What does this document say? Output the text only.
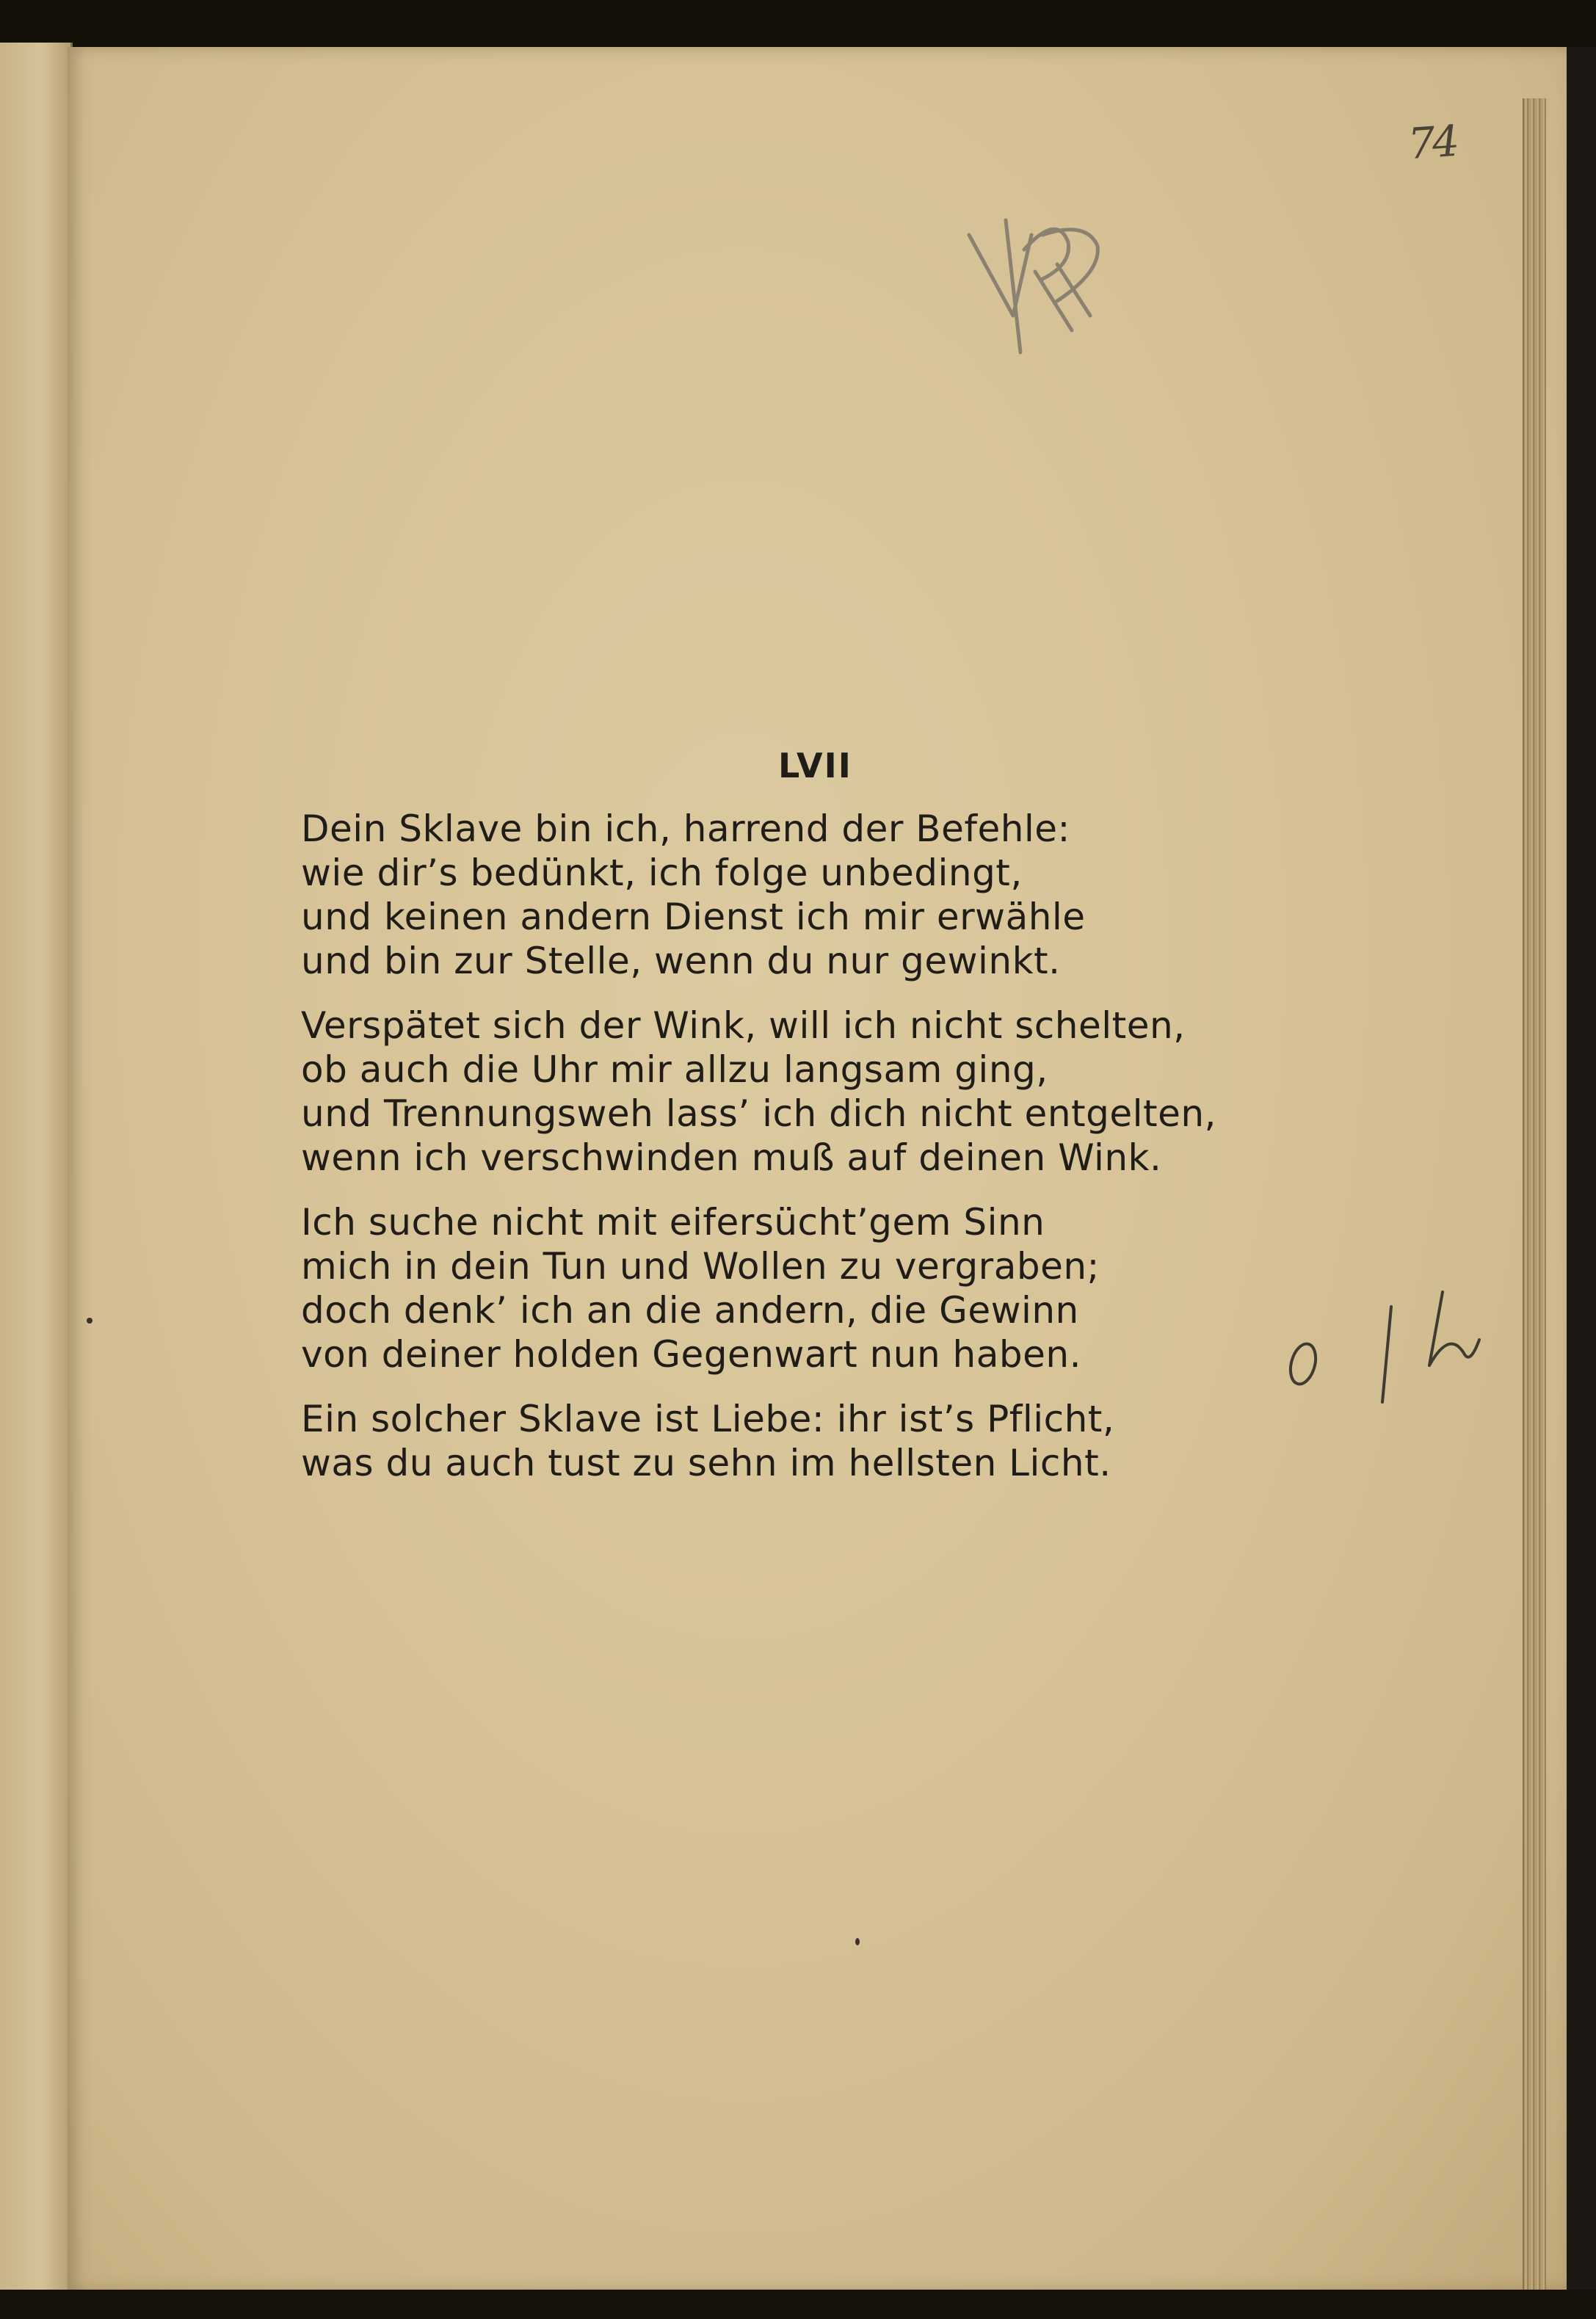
74
LVII
Dein Sklave bin ich, harrend der Befehle:
wie dir’s bedünkt, ich folge unbedingt,
und keinen andern Dienst ich mir erwähle
und bin zur Stelle, wenn du nur gewinkt.
Verspätet sich der Wink, will ich nicht schelten,
ob auch die Uhr mir allzu langsam ging,
und Trennungsweh lass’ ich dich nicht entgelten,
wenn ich verschwinden muß auf deinen Wink.
Ich suche nicht mit eifersücht’gem Sinn
mich in dein Tun und Wollen zu vergraben;
doch denk’ ich an die andern, die Gewinn
von deiner holden Gegenwart nun haben.
Ein solcher Sklave ist Liebe: ihr ist’s Pflicht,
was du auch tust zu sehn im hellsten Licht.
